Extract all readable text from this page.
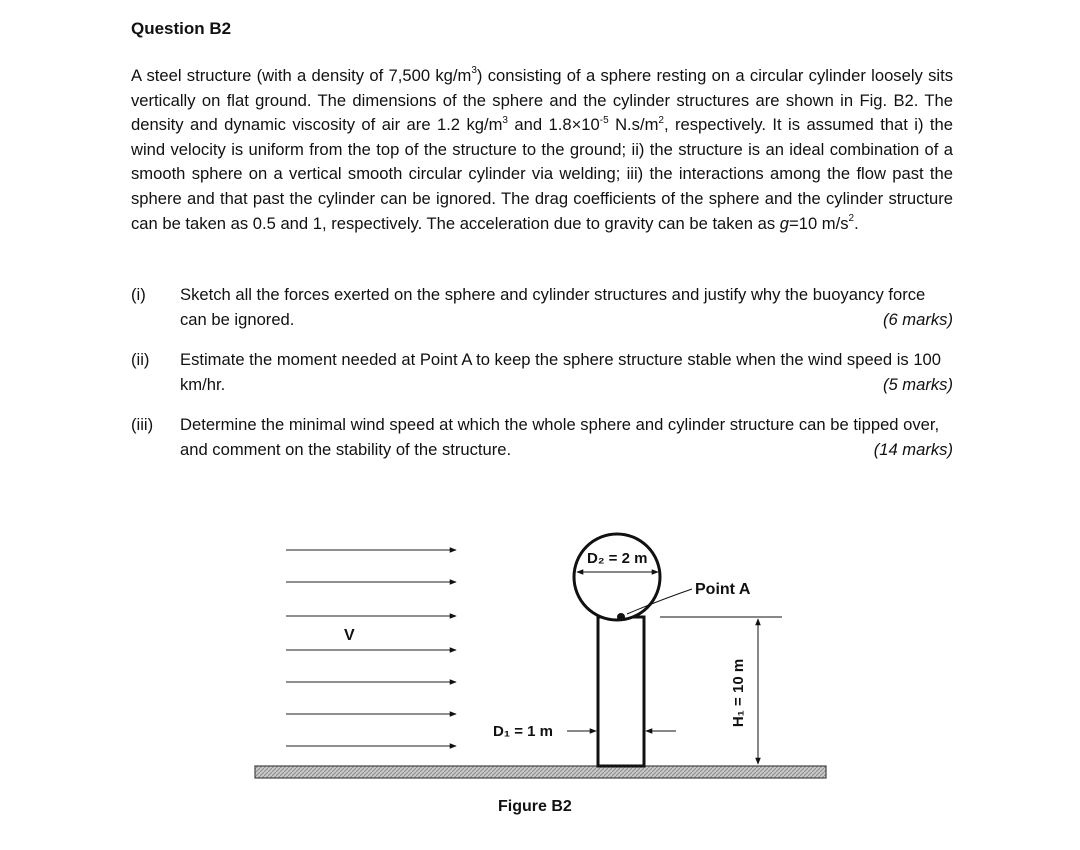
Question B2
A steel structure (with a density of 7,500 $kg/m^3$) consisting of a sphere resting on a circular cylinder loosely sits vertically on flat ground. The dimensions of the sphere and the cylinder structures are shown in Fig. B2. The density and dynamic viscosity of air are 1.2 $kg/m^3$ and $1.8\times 10^{-5}$ $N.s/m^2$, respectively. It is assumed that i) the wind velocity is uniform from the top of the structure to the ground; ii) the structure is an ideal combination of a smooth sphere on a vertical smooth circular cylinder via welding; iii) the interactions among the flow past the sphere and that past the cylinder can be ignored. The drag coefficients of the sphere and the cylinder structure can be taken as 0.5 and 1, respectively. The acceleration due to gravity can be taken as g=10 $m/s^2$.
(i) Sketch all the forces exerted on the sphere and cylinder structures and justify why the buoyancy force can be ignored.	(6 marks)
(ii) Estimate the moment needed at Point A to keep the sphere structure stable when the wind speed is 100 km/hr.	(5 marks)
(iii) Determine the minimal wind speed at which the whole sphere and cylinder structure can be tipped over, and comment on the stability of the structure.	(14 marks)
V
D₂ = 2 m
Point A
H₁ = 10 m
D₁ = 1 m
Figure B2
